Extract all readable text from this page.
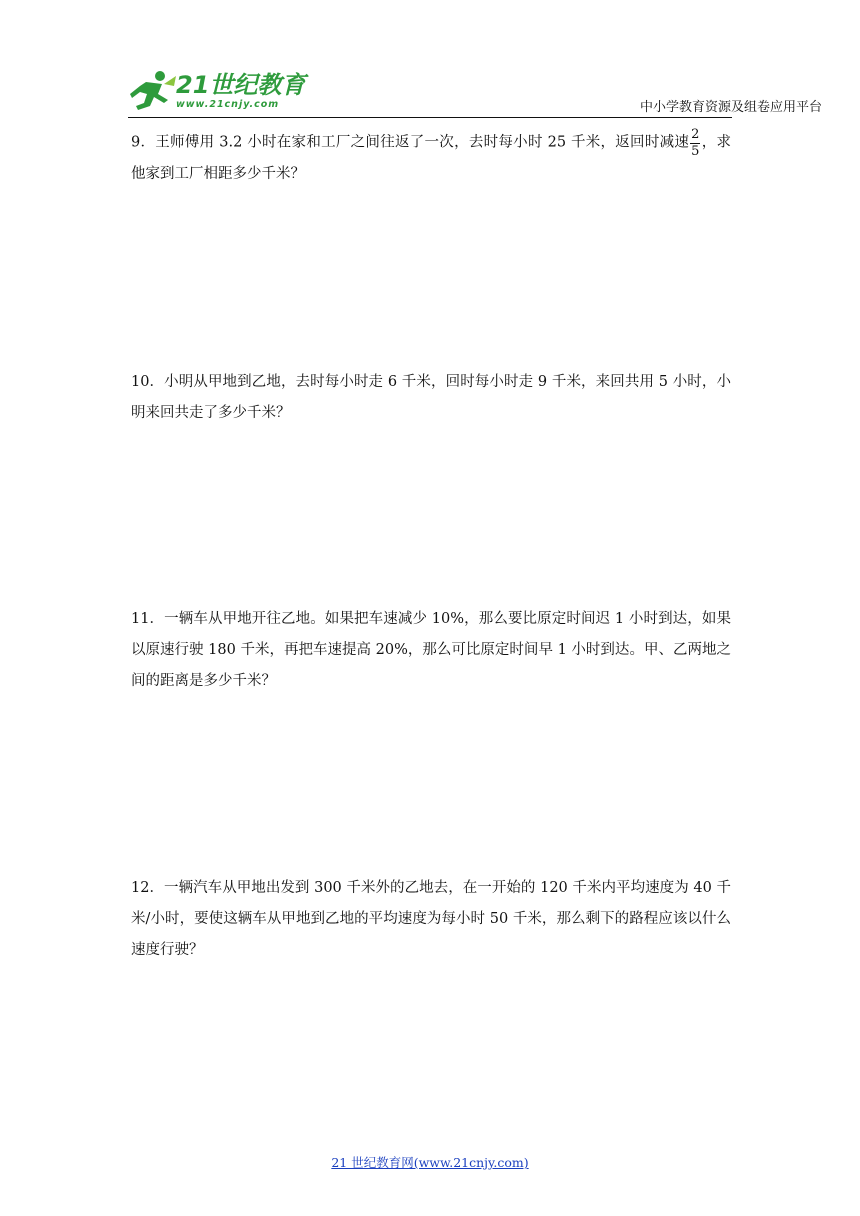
21世纪教育
www.21cnjy.com	中小学教育资源及组卷应用平台
9．王师傅用 3.2 小时在家和工厂之间往返了一次，去时每小时 25 千米，返回时减速 $\frac{2}{5}$ ，求他家到工厂相距多少千米？
10．小明从甲地到乙地，去时每小时走 6 千米，回时每小时走 9 千米，来回共用 5 小时，小明来回共走了多少千米？
11．一辆车从甲地开往乙地。如果把车速减少 10%，那么要比原定时间迟 1 小时到达，如果以原速行驶 180 千米，再把车速提高 20%，那么可比原定时间早 1 小时到达。甲、乙两地之间的距离是多少千米？
12．一辆汽车从甲地出发到 300 千米外的乙地去，在一开始的 120 千米内平均速度为 40 千米/小时，要使这辆车从甲地到乙地的平均速度为每小时 50 千米，那么剩下的路程应该以什么速度行驶？
21 世纪教育网(www.21cnjy.com)
